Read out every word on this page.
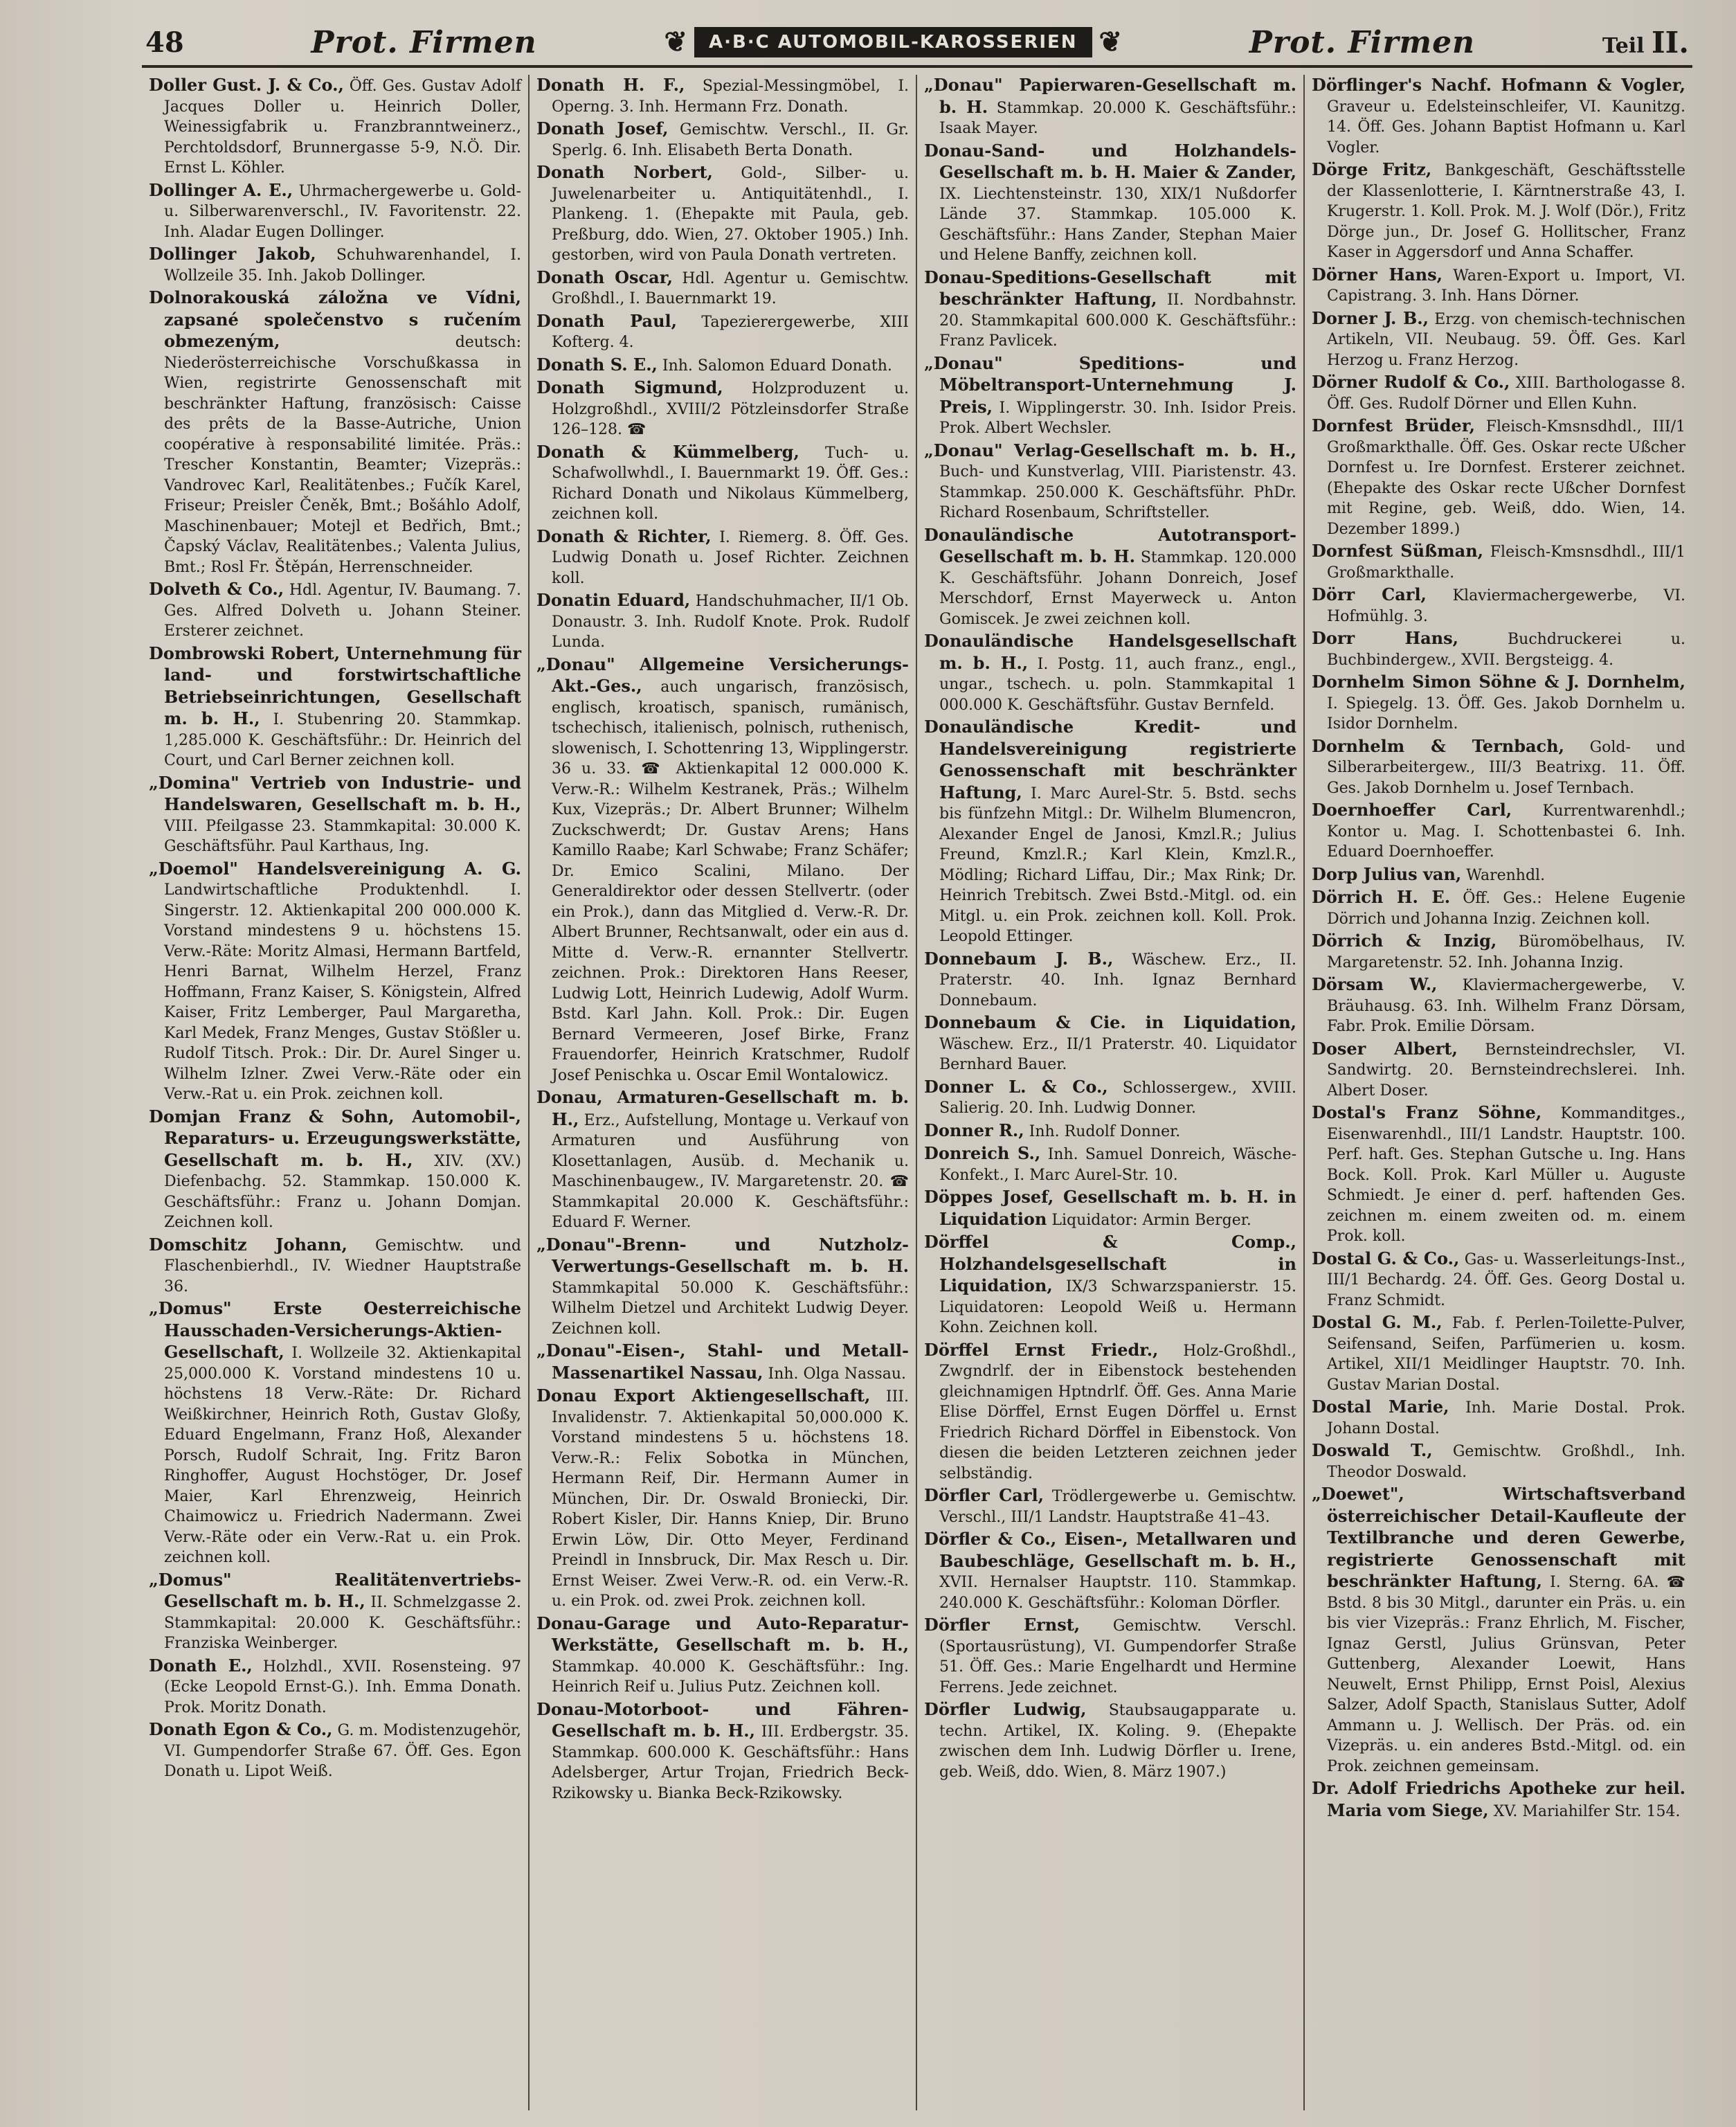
48	Prot. Firmen	❦	A·B·C AUTOMOBIL-KAROSSERIEN ❦	Prot. Firmen	Teil II.

Doller Gust. J. & Co., Öff. Ges. Gustav Adolf Jacques Doller u. Heinrich Doller, Weinessigfabrik u. Franzbranntweinerz., Perchtoldsdorf, Brunnergasse 5-9, N.Ö. Dir. Ernst L. Köhler.

Dollinger A. E., Uhrmachergewerbe u. Gold- u. Silberwarenverschl., IV. Favoritenstr. 22. Inh. Aladar Eugen Dollinger.

Dollinger Jakob, Schuhwarenhandel, I. Wollzeile 35. Inh. Jakob Dollinger.

Dolnorakouská záložna ve Vídni, zapsané společenstvo s ručením obmezeným,	deutsch: Niederösterreichische Vorschußkassa in Wien, registrirte Genossenschaft mit beschränkter Haftung, französisch: Caisse des prêts de la Basse-Autriche, Union coopérative à responsabilité limitée. Präs.: Trescher Konstantin, Beamter; Vizepräs.: Vandrovec Karl, Realitätenbes.; Fučík Karel, Friseur; Preisler Čeněk, Bmt.; Bošáhlo Adolf, Maschinenbauer; Motejl et Bedřich, Bmt.; Čapský Václav, Realitätenbes.; Valenta Julius, Bmt.; Rosl Fr. Štěpán, Herrenschneider.

Dolveth & Co., Hdl. Agentur, IV. Baumang. 7. Ges. Alfred Dolveth u. Johann Steiner. Ersterer zeichnet.

Dombrowski Robert, Unternehmung für land- und forstwirtschaftliche Betriebseinrichtungen, Gesellschaft m. b. H., I. Stubenring 20. Stammkap. 1,285.000 K. Geschäftsführ.: Dr. Heinrich del Court, und Carl Berner zeichnen koll.

„Domina" Vertrieb von Industrie- und Handelswaren, Gesellschaft m. b. H., VIII. Pfeilgasse 23. Stammkapital: 30.000 K. Geschäftsführ. Paul Karthaus, Ing.

„Doemol" Handelsvereinigung A. G. Landwirtschaftliche Produktenhdl. I. Singerstr. 12. Aktienkapital 200 000.000 K. Vorstand mindestens 9 u. höchstens 15. Verw.-Räte: Moritz Almasi, Hermann Bartfeld, Henri Barnat, Wilhelm Herzel, Franz Hoffmann, Franz Kaiser, S. Königstein, Alfred Kaiser, Fritz Lemberger, Paul Margaretha, Karl Medek, Franz Menges, Gustav Stößler u. Rudolf Titsch. Prok.: Dir. Dr. Aurel Singer u. Wilhelm Izlner. Zwei Verw.-Räte oder ein Verw.-Rat u. ein Prok. zeichnen koll.

Domjan Franz & Sohn, Automobil-, Reparaturs- u. Erzeugungswerkstätte, Gesellschaft m. b. H., XIV. (XV.) Diefenbachg. 52. Stammkap. 150.000 K. Geschäftsführ.: Franz u. Johann Domjan. Zeichnen koll.

Domschitz Johann, Gemischtw. und Flaschenbierhdl., IV. Wiedner Hauptstraße 36.

„Domus" Erste Oesterreichische Hausschaden-Versicherungs-Aktien-Gesellschaft, I. Wollzeile 32. Aktienkapital 25,000.000 K. Vorstand mindestens 10 u. höchstens 18 Verw.-Räte: Dr. Richard Weißkirchner, Heinrich Roth, Gustav Gloßy, Eduard Engelmann, Franz Hoß, Alexander Porsch, Rudolf Schrait, Ing. Fritz Baron Ringhoffer, August Hochstöger, Dr. Josef Maier, Karl Ehrenzweig, Heinrich Chaimowicz u. Friedrich Nadermann. Zwei Verw.-Räte oder ein Verw.-Rat u. ein Prok. zeichnen koll.

„Domus" Realitätenvertriebs-Gesellschaft m. b. H., II. Schmelzgasse 2. Stammkapital: 20.000 K. Geschäftsführ.: Franziska Weinberger.

Donath E., Holzhdl., XVII. Rosensteing. 97 (Ecke Leopold Ernst-G.). Inh. Emma Donath. Prok. Moritz Donath.

Donath Egon & Co., G. m. Modistenzugehör, VI. Gumpendorfer Straße 67. Öff. Ges. Egon Donath u. Lipot Weiß.

Donath H. F., Spezial-Messingmöbel, I. Operng. 3. Inh. Hermann Frz. Donath.

Donath Josef, Gemischtw. Verschl., II. Gr. Sperlg. 6. Inh. Elisabeth Berta Donath.

Donath Norbert, Gold-, Silber- u. Juwelenarbeiter u. Antiquitätenhdl., I. Plankeng. 1. (Ehepakte mit Paula, geb. Preßburg, ddo. Wien, 27. Oktober 1905.) Inh. gestorben, wird von Paula Donath vertreten.

Donath Oscar, Hdl. Agentur u. Gemischtw. Großhdl., I. Bauernmarkt 19.

Donath Paul, Tapezierergewerbe, XIII Kofterg. 4.

Donath S. E., Inh. Salomon Eduard Donath.

Donath Sigmund, Holzproduzent u. Holzgroßhdl., XVIII/2 Pötzleinsdorfer Straße 126–128. ☎

Donath & Kümmelberg, Tuch- u. Schafwollwhdl., I. Bauernmarkt 19. Öff. Ges.: Richard Donath und Nikolaus Kümmelberg, zeichnen koll.

Donath & Richter, I. Riemerg. 8. Öff. Ges. Ludwig Donath u. Josef Richter. Zeichnen koll.

Donatin Eduard, Handschuhmacher, II/1 Ob. Donaustr. 3. Inh. Rudolf Knote. Prok. Rudolf Lunda.

„Donau" Allgemeine Versicherungs-Akt.-Ges., auch ungarisch, französisch, englisch, kroatisch, spanisch, rumänisch, tschechisch, italienisch, polnisch, ruthenisch, slowenisch, I. Schottenring 13, Wipplingerstr. 36 u. 33. ☎ Aktienkapital 12 000.000 K. Verw.-R.: Wilhelm Kestranek, Präs.; Wilhelm Kux, Vizepräs.; Dr. Albert Brunner; Wilhelm Zuckschwerdt; Dr. Gustav Arens; Hans Kamillo Raabe; Karl Schwabe; Franz Schäfer; Dr. Emico Scalini, Milano. Der Generaldirektor oder dessen Stellvertr. (oder ein Prok.), dann das Mitglied d. Verw.-R. Dr. Albert Brunner, Rechtsanwalt, oder ein aus d. Mitte d. Verw.-R. ernannter Stellvertr. zeichnen. Prok.: Direktoren Hans Reeser, Ludwig Lott, Heinrich Ludewig, Adolf Wurm. Bstd. Karl Jahn. Koll. Prok.: Dir. Eugen Bernard Vermeeren, Josef Birke, Franz Frauendorfer, Heinrich Kratschmer, Rudolf Josef Penischka u. Oscar Emil Wontalowicz.

Donau, Armaturen-Gesellschaft m. b. H., Erz., Aufstellung, Montage u. Verkauf von Armaturen und Ausführung von Klosettanlagen, Ausüb. d. Mechanik u. Maschinenbaugew., IV. Margaretenstr. 20. ☎ Stammkapital 20.000 K. Geschäftsführ.: Eduard F. Werner.

„Donau"-Brenn- und Nutzholz-Verwertungs-Gesellschaft m. b. H. Stammkapital 50.000 K. Geschäftsführ.: Wilhelm Dietzel und Architekt Ludwig Deyer. Zeichnen koll.

„Donau"-Eisen-, Stahl- und Metall-Massenartikel Nassau, Inh. Olga Nassau.

Donau Export Aktiengesellschaft, III. Invalidenstr. 7. Aktienkapital 50,000.000 K. Vorstand mindestens 5 u. höchstens 18. Verw.-R.: Felix Sobotka in München, Hermann Reif, Dir. Hermann Aumer in München, Dir. Dr. Oswald Broniecki, Dir. Robert Kisler, Dir. Hanns Kniep, Dir. Bruno Erwin Löw, Dir. Otto Meyer, Ferdinand Preindl in Innsbruck, Dir. Max Resch u. Dir. Ernst Weiser. Zwei Verw.-R. od. ein Verw.-R. u. ein Prok. od. zwei Prok. zeichnen koll.

Donau-Garage und Auto-Reparatur-Werkstätte, Gesellschaft m. b. H., Stammkap. 40.000 K. Geschäftsführ.: Ing. Heinrich Reif u. Julius Putz. Zeichnen koll.

Donau-Motorboot- und Fähren-Gesellschaft m. b. H., III. Erdbergstr. 35. Stammkap. 600.000 K. Geschäftsführ.: Hans Adelsberger, Artur Trojan, Friedrich Beck-Rzikowsky u. Bianka Beck-Rzikowsky.

„Donau" Papierwaren-Gesellschaft m. b. H. Stammkap. 20.000 K. Geschäftsführ.: Isaak Mayer.

Donau-Sand- und Holzhandels-Gesellschaft m. b. H. Maier & Zander, IX. Liechtensteinstr. 130, XIX/1 Nußdorfer Lände 37. Stammkap. 105.000 K. Geschäftsführ.: Hans Zander, Stephan Maier und Helene Banffy, zeichnen koll.

Donau-Speditions-Gesellschaft mit beschränkter Haftung, II. Nordbahnstr. 20. Stammkapital 600.000 K. Geschäftsführ.: Franz Pavlicek.

„Donau" Speditions- und Möbeltransport-Unternehmung J. Preis, I. Wipplingerstr. 30. Inh. Isidor Preis. Prok. Albert Wechsler.

„Donau" Verlag-Gesellschaft m. b. H., Buch- und Kunstverlag, VIII. Piaristenstr. 43. Stammkap. 250.000 K. Geschäftsführ. PhDr. Richard Rosenbaum, Schriftsteller.

Donauländische Autotransport-Gesellschaft m. b. H. Stammkap. 120.000 K. Geschäftsführ. Johann Donreich, Josef Merschdorf, Ernst Mayerweck u. Anton Gomiscek. Je zwei zeichnen koll.

Donauländische Handelsgesellschaft m. b. H., I. Postg. 11, auch franz., engl., ungar., tschech. u. poln. Stammkapital 1 000.000 K. Geschäftsführ. Gustav Bernfeld.

Donauländische Kredit- und Handelsvereinigung registrierte Genossenschaft mit beschränkter Haftung, I. Marc Aurel-Str. 5. Bstd. sechs bis fünfzehn Mitgl.: Dr. Wilhelm Blumencron, Alexander Engel de Janosi, Kmzl.R.; Julius Freund, Kmzl.R.; Karl Klein, Kmzl.R., Mödling; Richard Liffau, Dir.; Max Rink; Dr. Heinrich Trebitsch. Zwei Bstd.-Mitgl. od. ein Mitgl. u. ein Prok. zeichnen koll. Koll. Prok. Leopold Ettinger.

Donnebaum J. B., Wäschew. Erz., II. Praterstr. 40. Inh. Ignaz Bernhard Donnebaum.

Donnebaum & Cie. in Liquidation, Wäschew. Erz., II/1 Praterstr. 40. Liquidator Bernhard Bauer.

Donner L. & Co., Schlossergew., XVIII. Salierig. 20. Inh. Ludwig Donner.

Donner R., Inh. Rudolf Donner.

Donreich S., Inh. Samuel Donreich, Wäsche-Konfekt., I. Marc Aurel-Str. 10.

Döppes Josef, Gesellschaft m. b. H. in Liquidation Liquidator: Armin Berger.

Dörffel & Comp., Holzhandelsgesellschaft in Liquidation, IX/3 Schwarzspanierstr. 15. Liquidatoren: Leopold Weiß u. Hermann Kohn. Zeichnen koll.

Dörffel Ernst Friedr., Holz-Großhdl., Zwgndrlf. der in Eibenstock bestehenden gleichnamigen Hptndrlf. Öff. Ges. Anna Marie Elise Dörffel, Ernst Eugen Dörffel u. Ernst Friedrich Richard Dörffel in Eibenstock. Von diesen die beiden Letzteren zeichnen jeder selbständig.

Dörfler Carl, Trödlergewerbe u. Gemischtw. Verschl., III/1 Landstr. Hauptstraße 41–43.

Dörfler & Co., Eisen-, Metallwaren und Baubeschläge, Gesellschaft m. b. H., XVII. Hernalser Hauptstr. 110. Stammkap. 240.000 K. Geschäftsführ.: Koloman Dörfler.

Dörfler Ernst, Gemischtw. Verschl. (Sportausrüstung), VI. Gumpendorfer Straße 51. Öff. Ges.: Marie Engelhardt und Hermine Ferrens. Jede zeichnet.

Dörfler Ludwig, Staubsaugapparate u. techn. Artikel, IX. Koling. 9. (Ehepakte zwischen dem Inh. Ludwig Dörfler u. Irene, geb. Weiß, ddo. Wien, 8. März 1907.)

Dörflinger's Nachf. Hofmann & Vogler, Graveur u. Edelsteinschleifer, VI. Kaunitzg. 14. Öff. Ges. Johann Baptist Hofmann u. Karl Vogler.

Dörge Fritz, Bankgeschäft, Geschäftsstelle der Klassenlotterie, I. Kärntnerstraße 43, I. Krugerstr. 1. Koll. Prok. M. J. Wolf (Dör.), Fritz Dörge jun., Dr. Josef G. Hollitscher, Franz Kaser in Aggersdorf und Anna Schaffer.

Dörner Hans, Waren-Export u. Import, VI. Capistrang. 3. Inh. Hans Dörner.

Dorner J. B., Erzg. von chemisch-technischen Artikeln, VII. Neubaug. 59. Öff. Ges. Karl Herzog u. Franz Herzog.

Dörner Rudolf & Co., XIII. Barthologasse 8. Öff. Ges. Rudolf Dörner und Ellen Kuhn.

Dornfest Brüder, Fleisch-Kmsnsdhdl., III/1 Großmarkthalle. Öff. Ges. Oskar recte Ußcher Dornfest u. Ire Dornfest. Ersterer zeichnet. (Ehepakte des Oskar recte Ußcher Dornfest mit Regine, geb. Weiß, ddo. Wien, 14. Dezember 1899.)

Dornfest Süßman, Fleisch-Kmsnsdhdl., III/1 Großmarkthalle.

Dörr Carl, Klaviermachergewerbe, VI. Hofmühlg. 3.

Dorr Hans,	Buchdruckerei u. Buchbindergew., XVII. Bergsteigg. 4.

Dornhelm Simon Söhne & J. Dornhelm, I. Spiegelg. 13. Öff. Ges. Jakob Dornhelm u. Isidor Dornhelm.

Dornhelm & Ternbach, Gold- und Silberarbeitergew., III/3 Beatrixg. 11. Öff. Ges. Jakob Dornhelm u. Josef Ternbach.

Doernhoeffer Carl, Kurrentwarenhdl.; Kontor u. Mag. I. Schottenbastei 6. Inh. Eduard Doernhoeffer.

Dorp Julius van, Warenhdl.

Dörrich H. E. Öff. Ges.: Helene Eugenie Dörrich und Johanna Inzig. Zeichnen koll.

Dörrich & Inzig, Büromöbelhaus, IV. Margaretenstr. 52. Inh. Johanna Inzig.

Dörsam W., Klaviermachergewerbe, V. Bräuhausg. 63. Inh. Wilhelm Franz Dörsam, Fabr. Prok. Emilie Dörsam.

Doser Albert, Bernsteindrechsler, VI. Sandwirtg. 20. Bernsteindrechslerei. Inh. Albert Doser.

Dostal's Franz Söhne, Kommanditges., Eisenwarenhdl., III/1 Landstr. Hauptstr. 100. Perf. haft. Ges. Stephan Gutsche u. Ing. Hans Bock. Koll. Prok. Karl Müller u. Auguste Schmiedt. Je einer d. perf. haftenden Ges. zeichnen m. einem zweiten od. m. einem Prok. koll.

Dostal G. & Co., Gas- u. Wasserleitungs-Inst., III/1 Bechardg. 24. Öff. Ges. Georg Dostal u. Franz Schmidt.

Dostal G. M., Fab. f. Perlen-Toilette-Pulver, Seifensand, Seifen, Parfümerien u. kosm. Artikel, XII/1 Meidlinger Hauptstr. 70. Inh. Gustav Marian Dostal.

Dostal Marie, Inh. Marie Dostal. Prok. Johann Dostal.

Doswald T., Gemischtw. Großhdl., Inh. Theodor Doswald.

„Doewet", Wirtschaftsverband österreichischer Detail-Kaufleute der Textilbranche und deren Gewerbe, registrierte Genossenschaft mit beschränkter Haftung, I. Sterng. 6A. ☎ Bstd. 8 bis 30 Mitgl., darunter ein Präs. u. ein bis vier Vizepräs.: Franz Ehrlich, M. Fischer, Ignaz Gerstl, Julius Grünsvan, Peter Guttenberg, Alexander Loewit, Hans Neuwelt, Ernst Philipp, Ernst Poisl, Alexius Salzer, Adolf Spacth, Stanislaus Sutter, Adolf Ammann u. J. Wellisch. Der Präs. od. ein Vizepräs. u. ein anderes Bstd.-Mitgl. od. ein Prok. zeichnen gemeinsam.

Dr. Adolf Friedrichs Apotheke zur heil. Maria vom Siege, XV. Mariahilfer Str. 154.
